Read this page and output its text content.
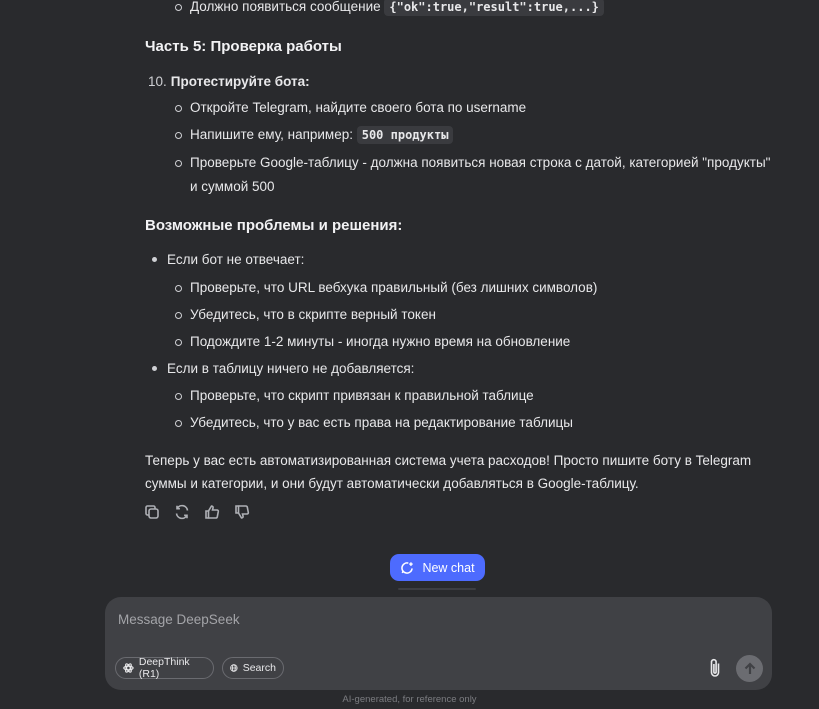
Должно появиться сообщение {"ok":true,"result":true,...}
Часть 5: Проверка работы
10. Протестируйте бота:
Откройте Telegram, найдите своего бота по username
Напишите ему, например: 500 продукты
Проверьте Google-таблицу - должна появиться новая строка с датой, категорией "продукты"
и суммой 500
Возможные проблемы и решения:
Если бот не отвечает:
Проверьте, что URL вебхука правильный (без лишних символов)
Убедитесь, что в скрипте верный токен
Подождите 1-2 минуты - иногда нужно время на обновление
Если в таблицу ничего не добавляется:
Проверьте, что скрипт привязан к правильной таблице
Убедитесь, что у вас есть права на редактирование таблицы
Теперь у вас есть автоматизированная система учета расходов! Просто пишите боту в Telegram
суммы и категории, и они будут автоматически добавляться в Google-таблицу.
New chat
Message DeepSeek
DeepThink (R1)	Search
AI-generated, for reference only
